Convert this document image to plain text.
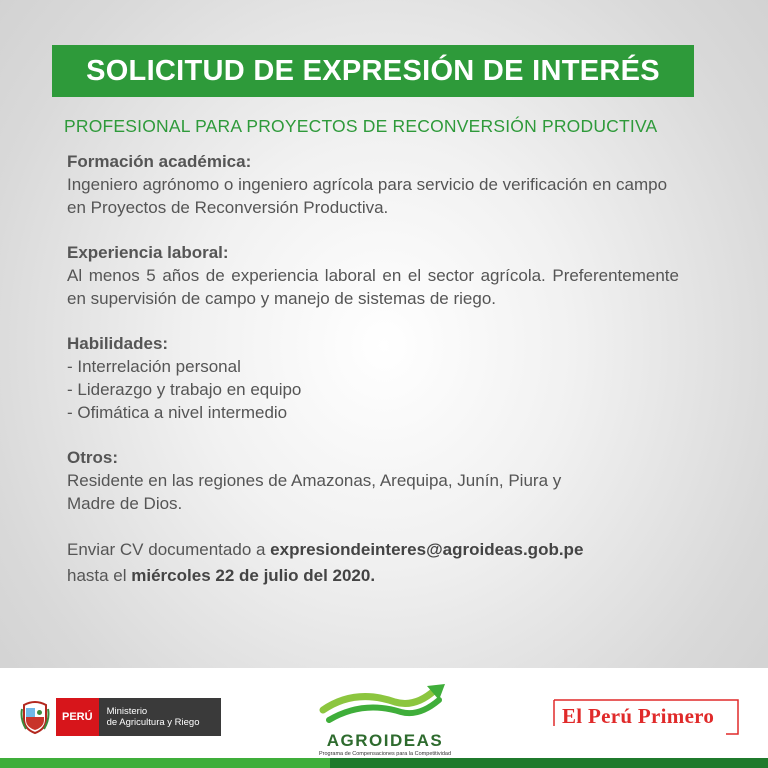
SOLICITUD DE EXPRESIÓN DE INTERÉS
PROFESIONAL PARA PROYECTOS DE RECONVERSIÓN PRODUCTIVA
Formación académica:

Ingeniero agrónomo o ingeniero agrícola para servicio de verificación en campo en Proyectos de Reconversión Productiva.

Experiencia laboral:

Al menos 5 años de experiencia laboral en el sector agrícola. Preferentemente en supervisión de campo y manejo de sistemas de riego.

Habilidades:

- Interrelación personal

- Liderazgo y trabajo en equipo

- Ofimática a nivel intermedio

Otros:

Residente en las regiones de Amazonas, Arequipa, Junín, Piura y

Madre de Dios.

Enviar CV documentado a expresiondeinteres@agroideas.gob.pe
hasta el miércoles 22 de julio del 2020.
PERÚ	Ministerio
de Agricultura y Riego
AGROIDEAS
Programa de Compensaciones para la Competitividad
El Perú Primero
